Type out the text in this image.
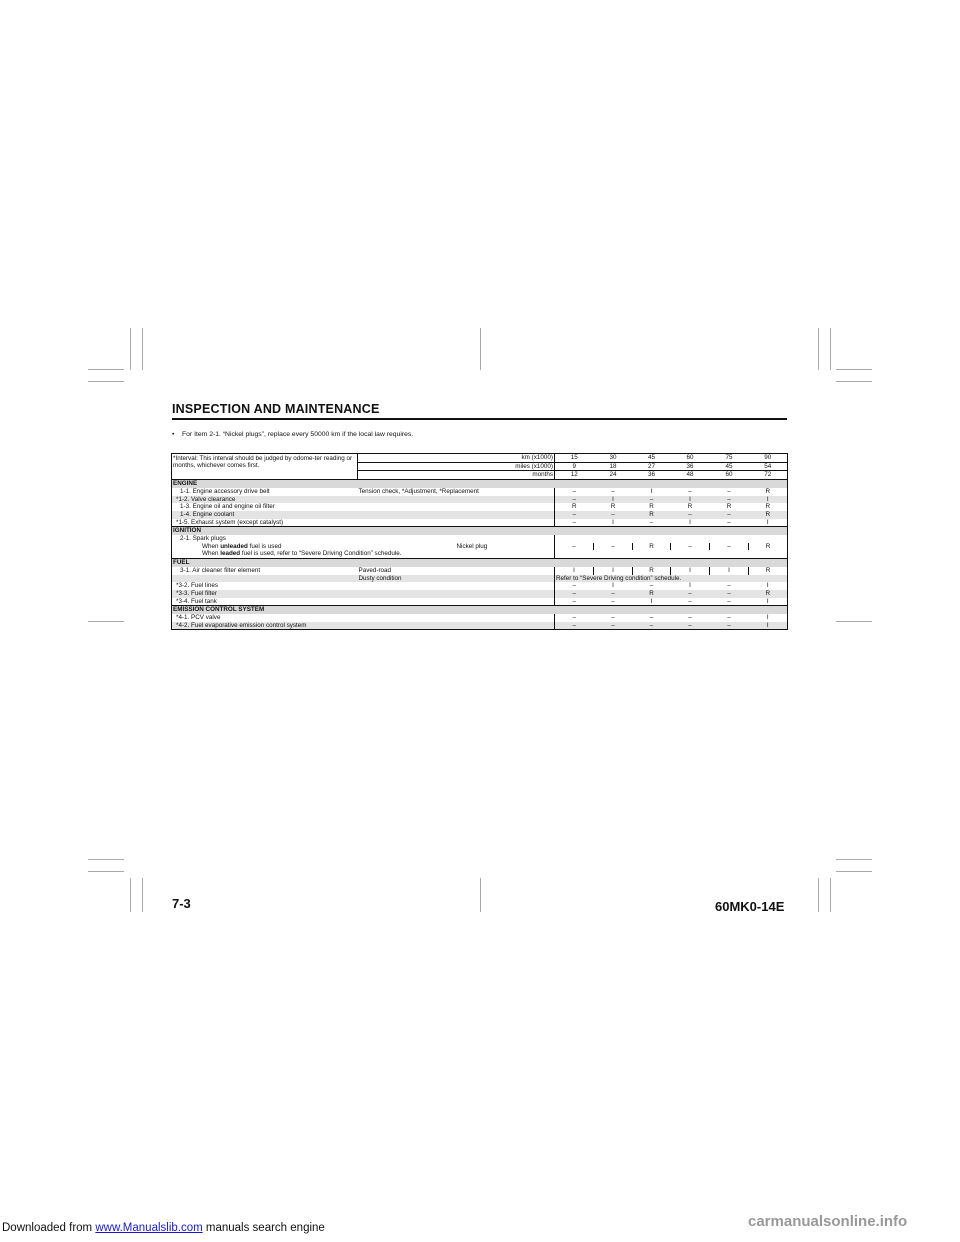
INSPECTION AND MAINTENANCE
• For Item 2-1. “Nickel plugs”, replace every 50000 km if the local law requires.
*Interval: This interval should be judged by odome-ter reading or months, whichever comes first.	km (x1000)	15	30	45	60	75	90
	miles (x1000)	9	18	27	36	45	54
	months	12	24	36	48	60	72
ENGINE							
1-1. Engine accessory drive belt	Tension check, *Adjustment, *Replacement	–	–	I	–	–	R
*1-2. Valve clearance		–	I	–	I	–	I
1-3. Engine oil and engine oil filter		R	R	R	R	R	R
1-4. Engine coolant		–	–	R	–	–	R
*1-5. Exhaust system (except catalyst)		–	I	–	I	–	I
IGNITION							
2-1. Spark plugs							
When unleaded fuel is used	Nickel plug	–	–	R	–	–	R
When leaded fuel is used, refer to “Severe Driving Condition” schedule.							
FUEL							
3-1. Air cleaner filter element	Paved-road	I	I	R	I	I	R
	Dusty condition	Refer to “Severe Driving condition” schedule.					
*3-2. Fuel lines		–	I	–	I	–	I
*3-3. Fuel filter		–	–	R	–	–	R
*3-4. Fuel tank		–	–	I	–	–	I
EMISSION CONTROL SYSTEM							
*4-1. PCV valve		–	–	–	–	–	I
*4-2. Fuel evaporative emission control system		–	–	–	–	–	I
7-3	60MK0-14E
Downloaded from www.Manualslib.com manuals search engine	carmanualsonline.info
